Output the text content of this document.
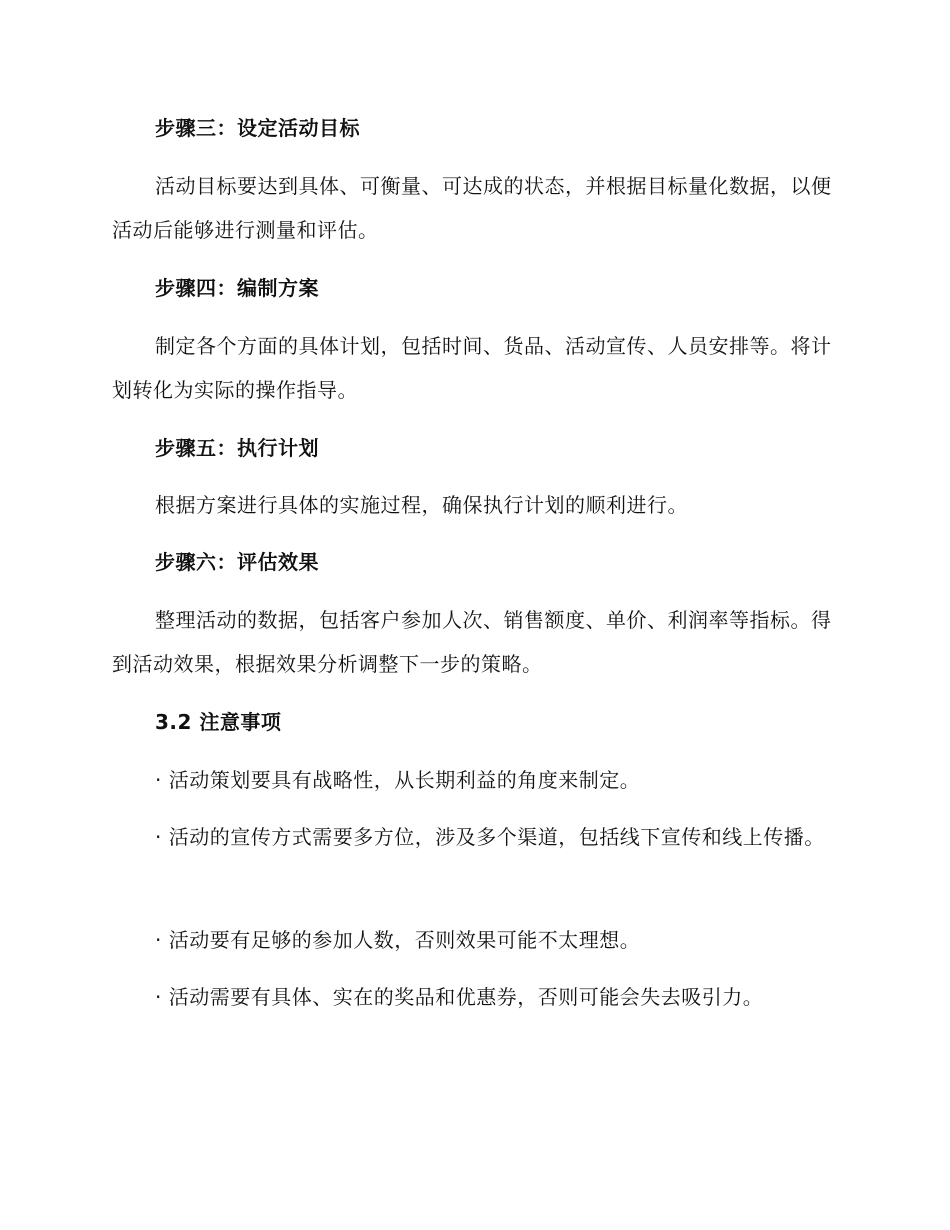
步骤三：设定活动目标

活动目标要达到具体、可衡量、可达成的状态，并根据目标量化数据，以便活动后能够进行测量和评估。

步骤四：编制方案

制定各个方面的具体计划，包括时间、货品、活动宣传、人员安排等。将计划转化为实际的操作指导。

步骤五：执行计划

根据方案进行具体的实施过程，确保执行计划的顺利进行。

步骤六：评估效果

整理活动的数据，包括客户参加人次、销售额度、单价、利润率等指标。得到活动效果，根据效果分析调整下一步的策略。

3.2 注意事项

· 活动策划要具有战略性，从长期利益的角度来制定。

· 活动的宣传方式需要多方位，涉及多个渠道，包括线下宣传和线上传播。

· 活动要有足够的参加人数，否则效果可能不太理想。

· 活动需要有具体、实在的奖品和优惠券，否则可能会失去吸引力。
